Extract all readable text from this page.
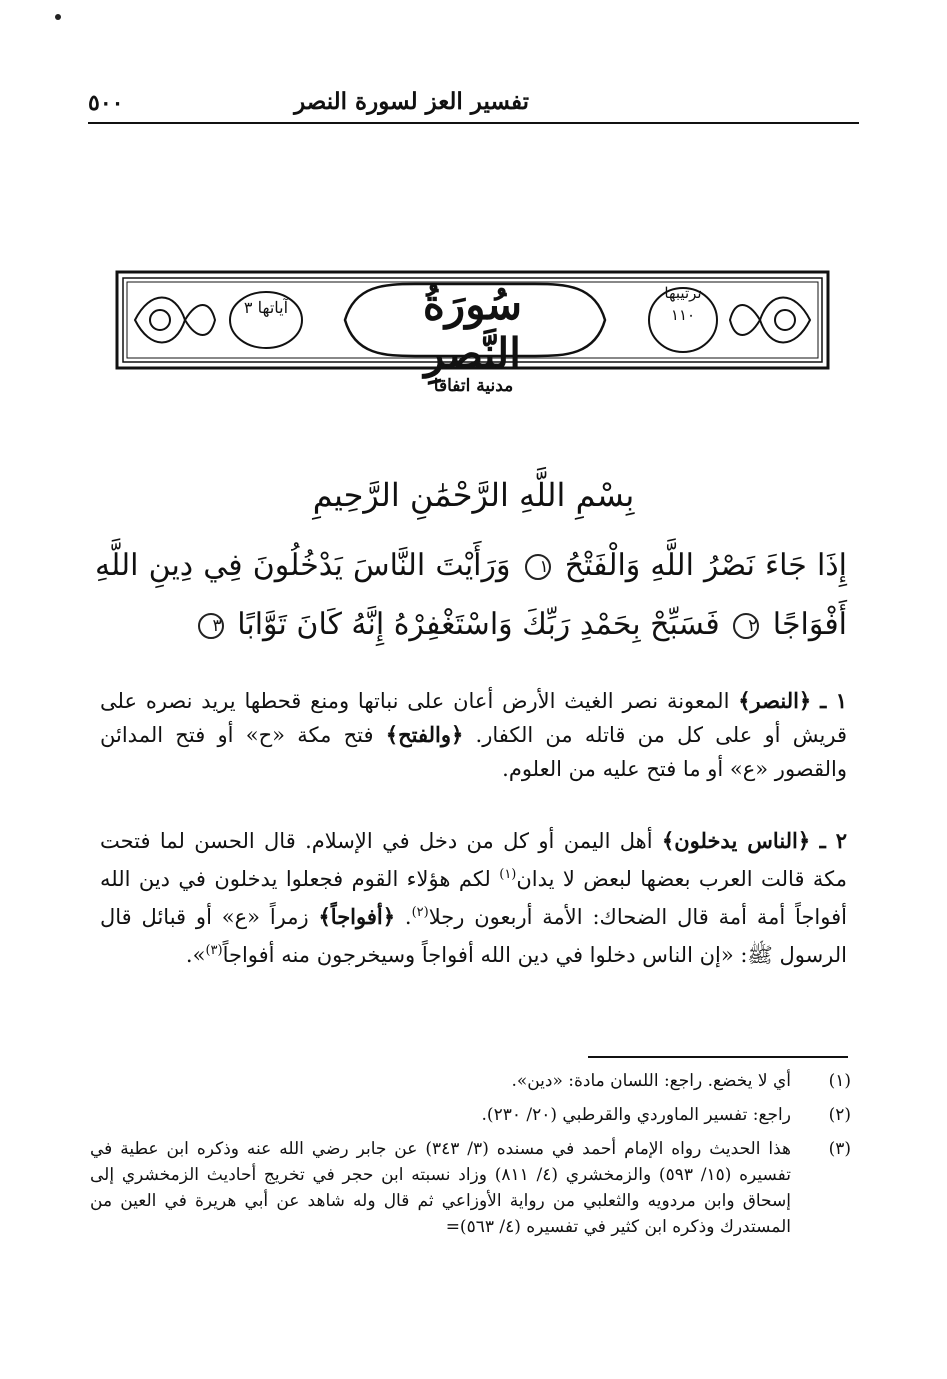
٥٠٠	تفسير العز لسورة النصر
سُورَةُ النَّصرِ
ترتيبها
١١٠
آياتها ٣
مدنية اتفاقا
بِسْمِ اللَّهِ الرَّحْمَٰنِ الرَّحِيمِ
إِذَا جَاءَ نَصْرُ اللَّهِ وَالْفَتْحُ ١ وَرَأَيْتَ النَّاسَ يَدْخُلُونَ فِي دِينِ اللَّهِ
أَفْوَاجًا ٢ فَسَبِّحْ بِحَمْدِ رَبِّكَ وَاسْتَغْفِرْهُ إِنَّهُ كَانَ تَوَّابًا ٣
١ ـ ﴿النصر﴾ المعونة نصر الغيث الأرض أعان على نباتها ومنع قحطها يريد نصره على قريش أو على كل من قاتله من الكفار. ﴿والفتح﴾ فتح مكة «ح» أو فتح المدائن والقصور «ع» أو ما فتح عليه من العلوم.
٢ ـ ﴿الناس يدخلون﴾ أهل اليمن أو كل من دخل في الإسلام. قال الحسن لما فتحت مكة قالت العرب بعضها لبعض لا يدان$^{(١)}$ لكم هؤلاء القوم فجعلوا يدخلون في دين الله أفواجاً أمة أمة قال الضحاك: الأمة أربعون رجلا$^{(٢)}$. ﴿أفواجاً﴾ زمراً «ع» أو قبائل قال الرسول ﷺ: «إن الناس دخلوا في دين الله أفواجاً وسيخرجون منه أفواجاً$^{(٣)}$».
(١)
أي لا يخضع. راجع: اللسان مادة: «دين».
(٢)
راجع: تفسير الماوردي والقرطبي (٢٠/ ٢٣٠).
(٣)
هذا الحديث رواه الإمام أحمد في مسنده (٣/ ٣٤٣) عن جابر رضي الله عنه وذكره ابن عطية في تفسيره (١٥/ ٥٩٣) والزمخشري (٤/ ٨١١) وزاد نسبته ابن حجر في تخريج أحاديث الزمخشري إلى إسحاق وابن مردويه والثعلبي من رواية الأوزاعي ثم قال وله شاهد عن أبي هريرة في العين من المستدرك وذكره ابن كثير في تفسيره (٤/ ٥٦٣)=
